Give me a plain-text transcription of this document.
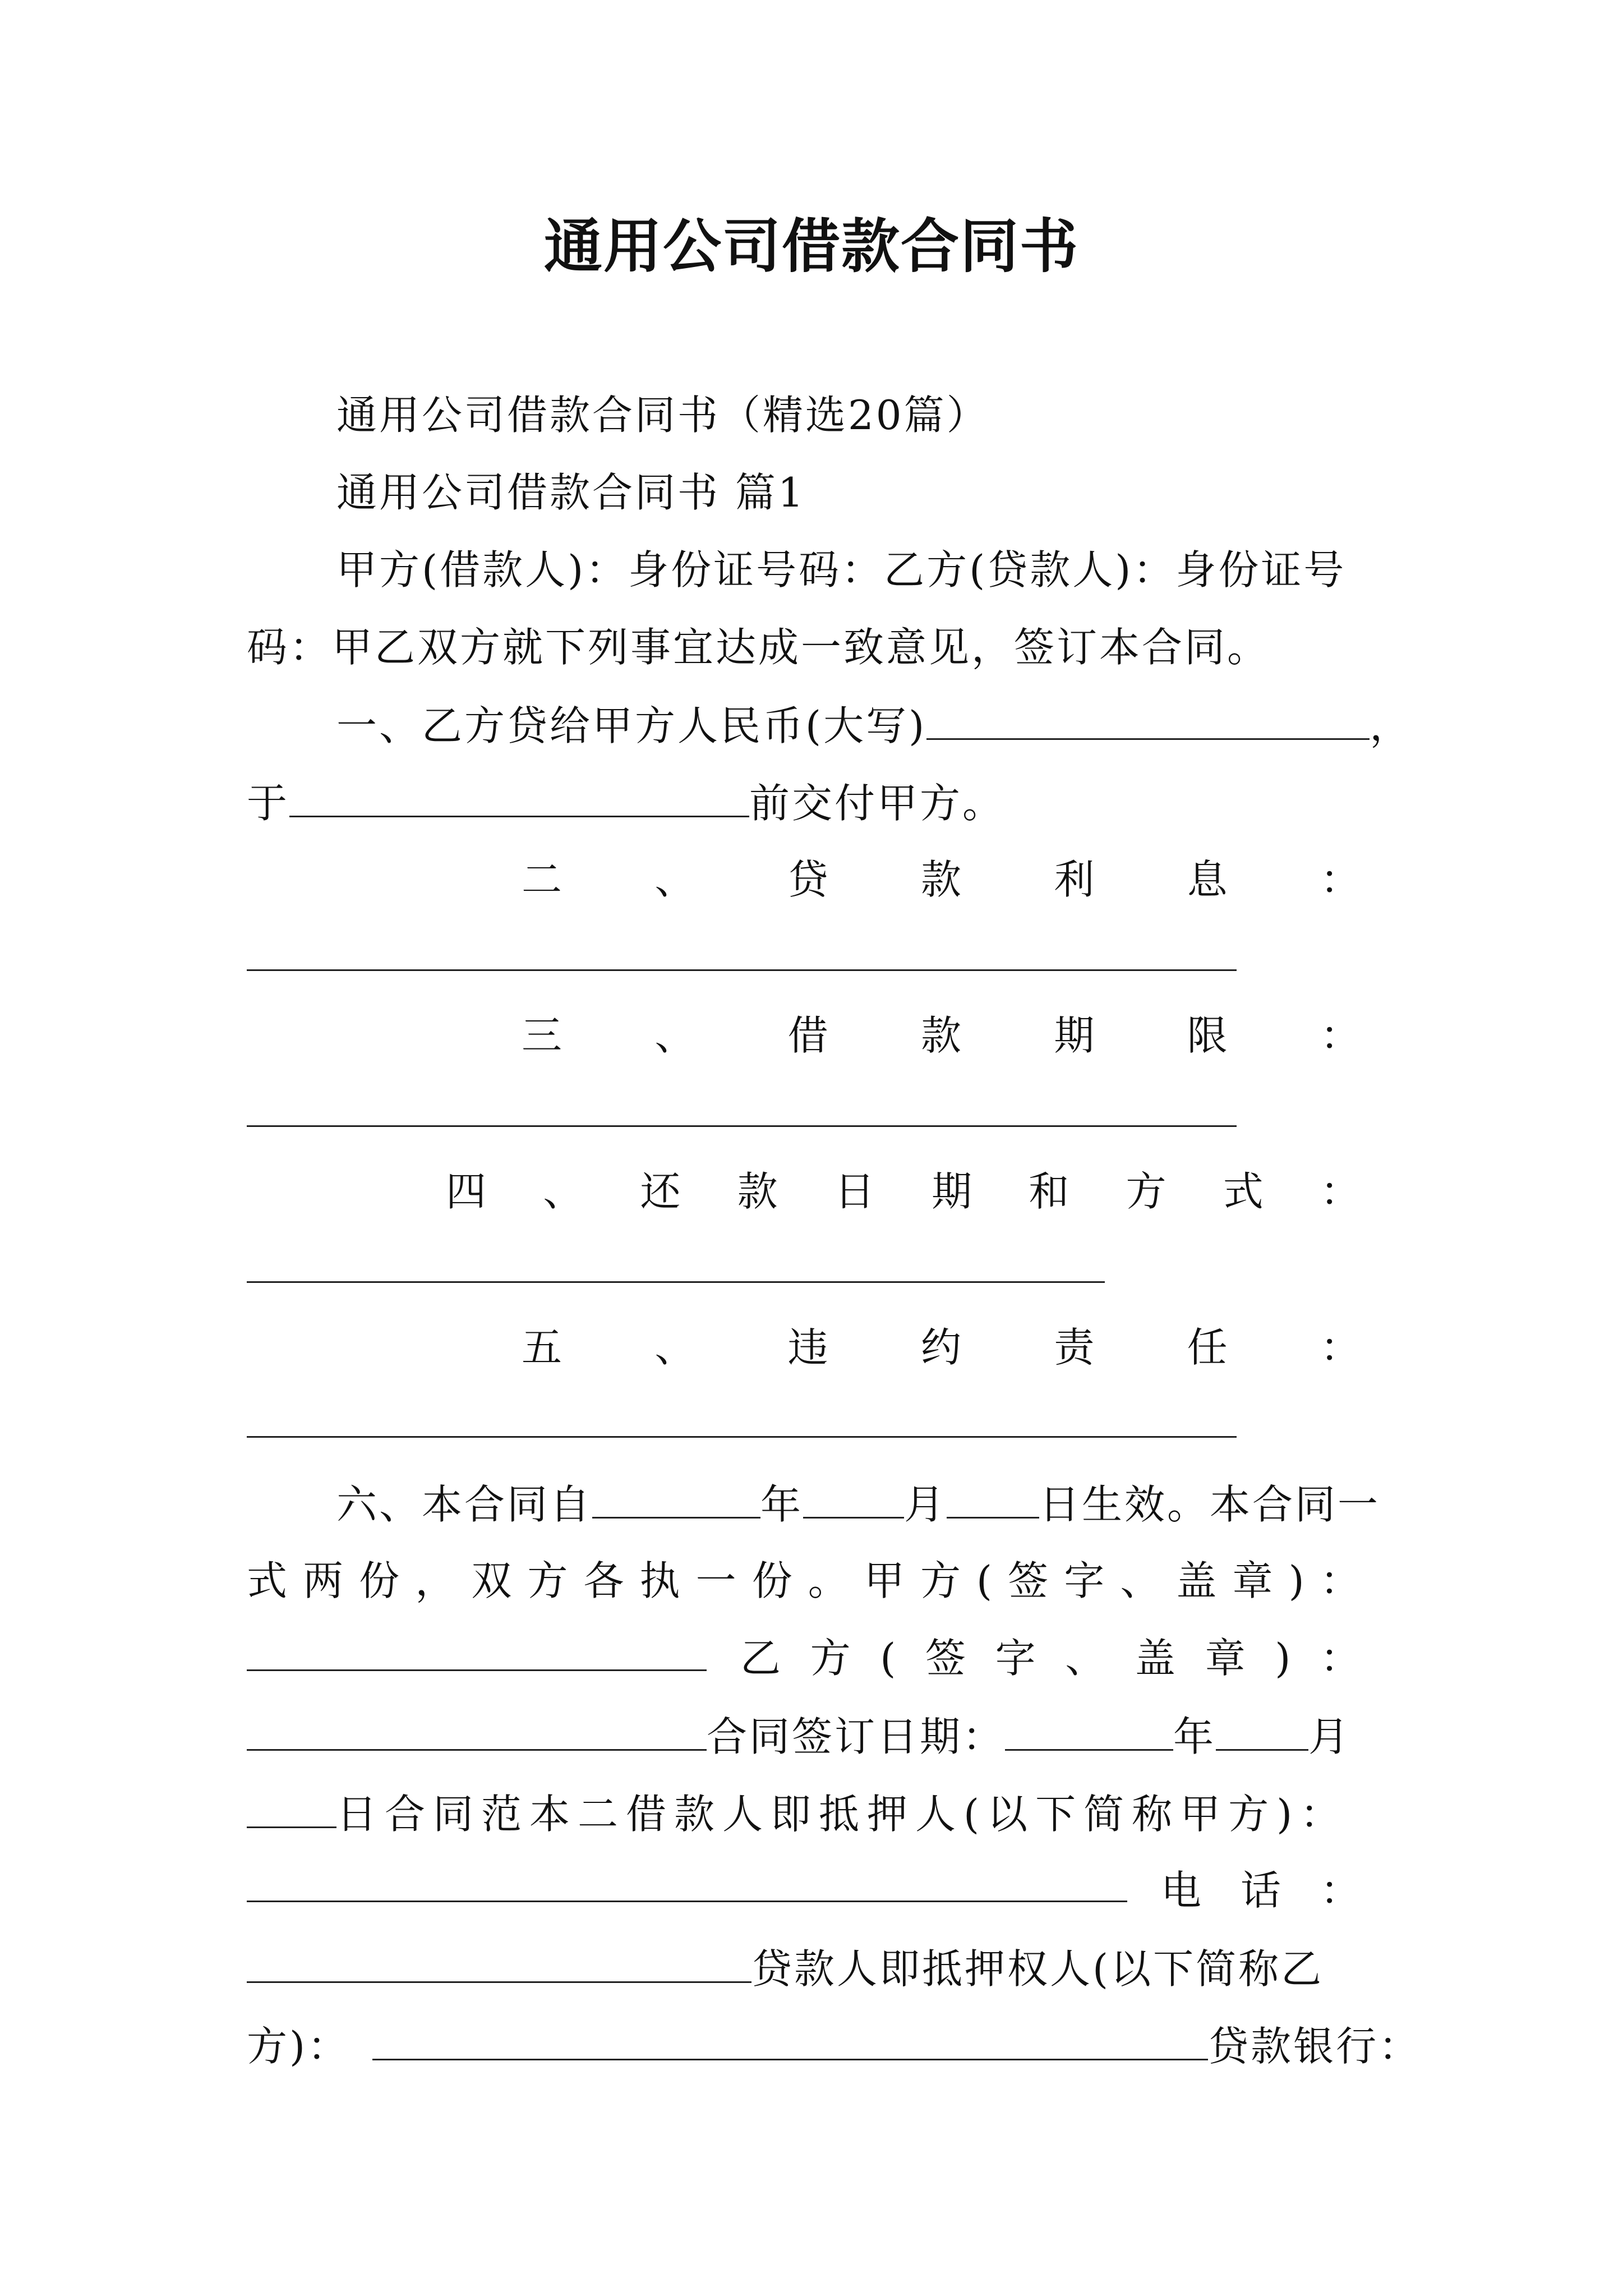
通用公司借款合同书
通用公司借款合同书（精选20篇）
通用公司借款合同书 篇1
甲方(借款人)：身份证号码：乙方(贷款人)：身份证号
码：甲乙双方就下列事宜达成一致意见，签订本合同。
一、乙方贷给甲方人民币(大写)	，
于	前交付甲方。
二 、 贷 款 利 息 ：
三 、 借 款 期 限 ：
四 、 还 款 日 期 和 方 式 ：
五 、 违 约 责 任 ：
六、本合同自	年	月 日生效。本合同一
式 两 份 ， 双 方 各 执 一 份 。 甲 方 ( 签 字 、 盖 章 ) ：
乙 方 ( 签 字 、 盖 章 ) ：
合同签订日期：	年 月
日合同范本二借款人即抵押人(以下简称甲方)：
电 话 ：
贷款人即抵押权人(以下简称乙
方)：	贷款银行：
